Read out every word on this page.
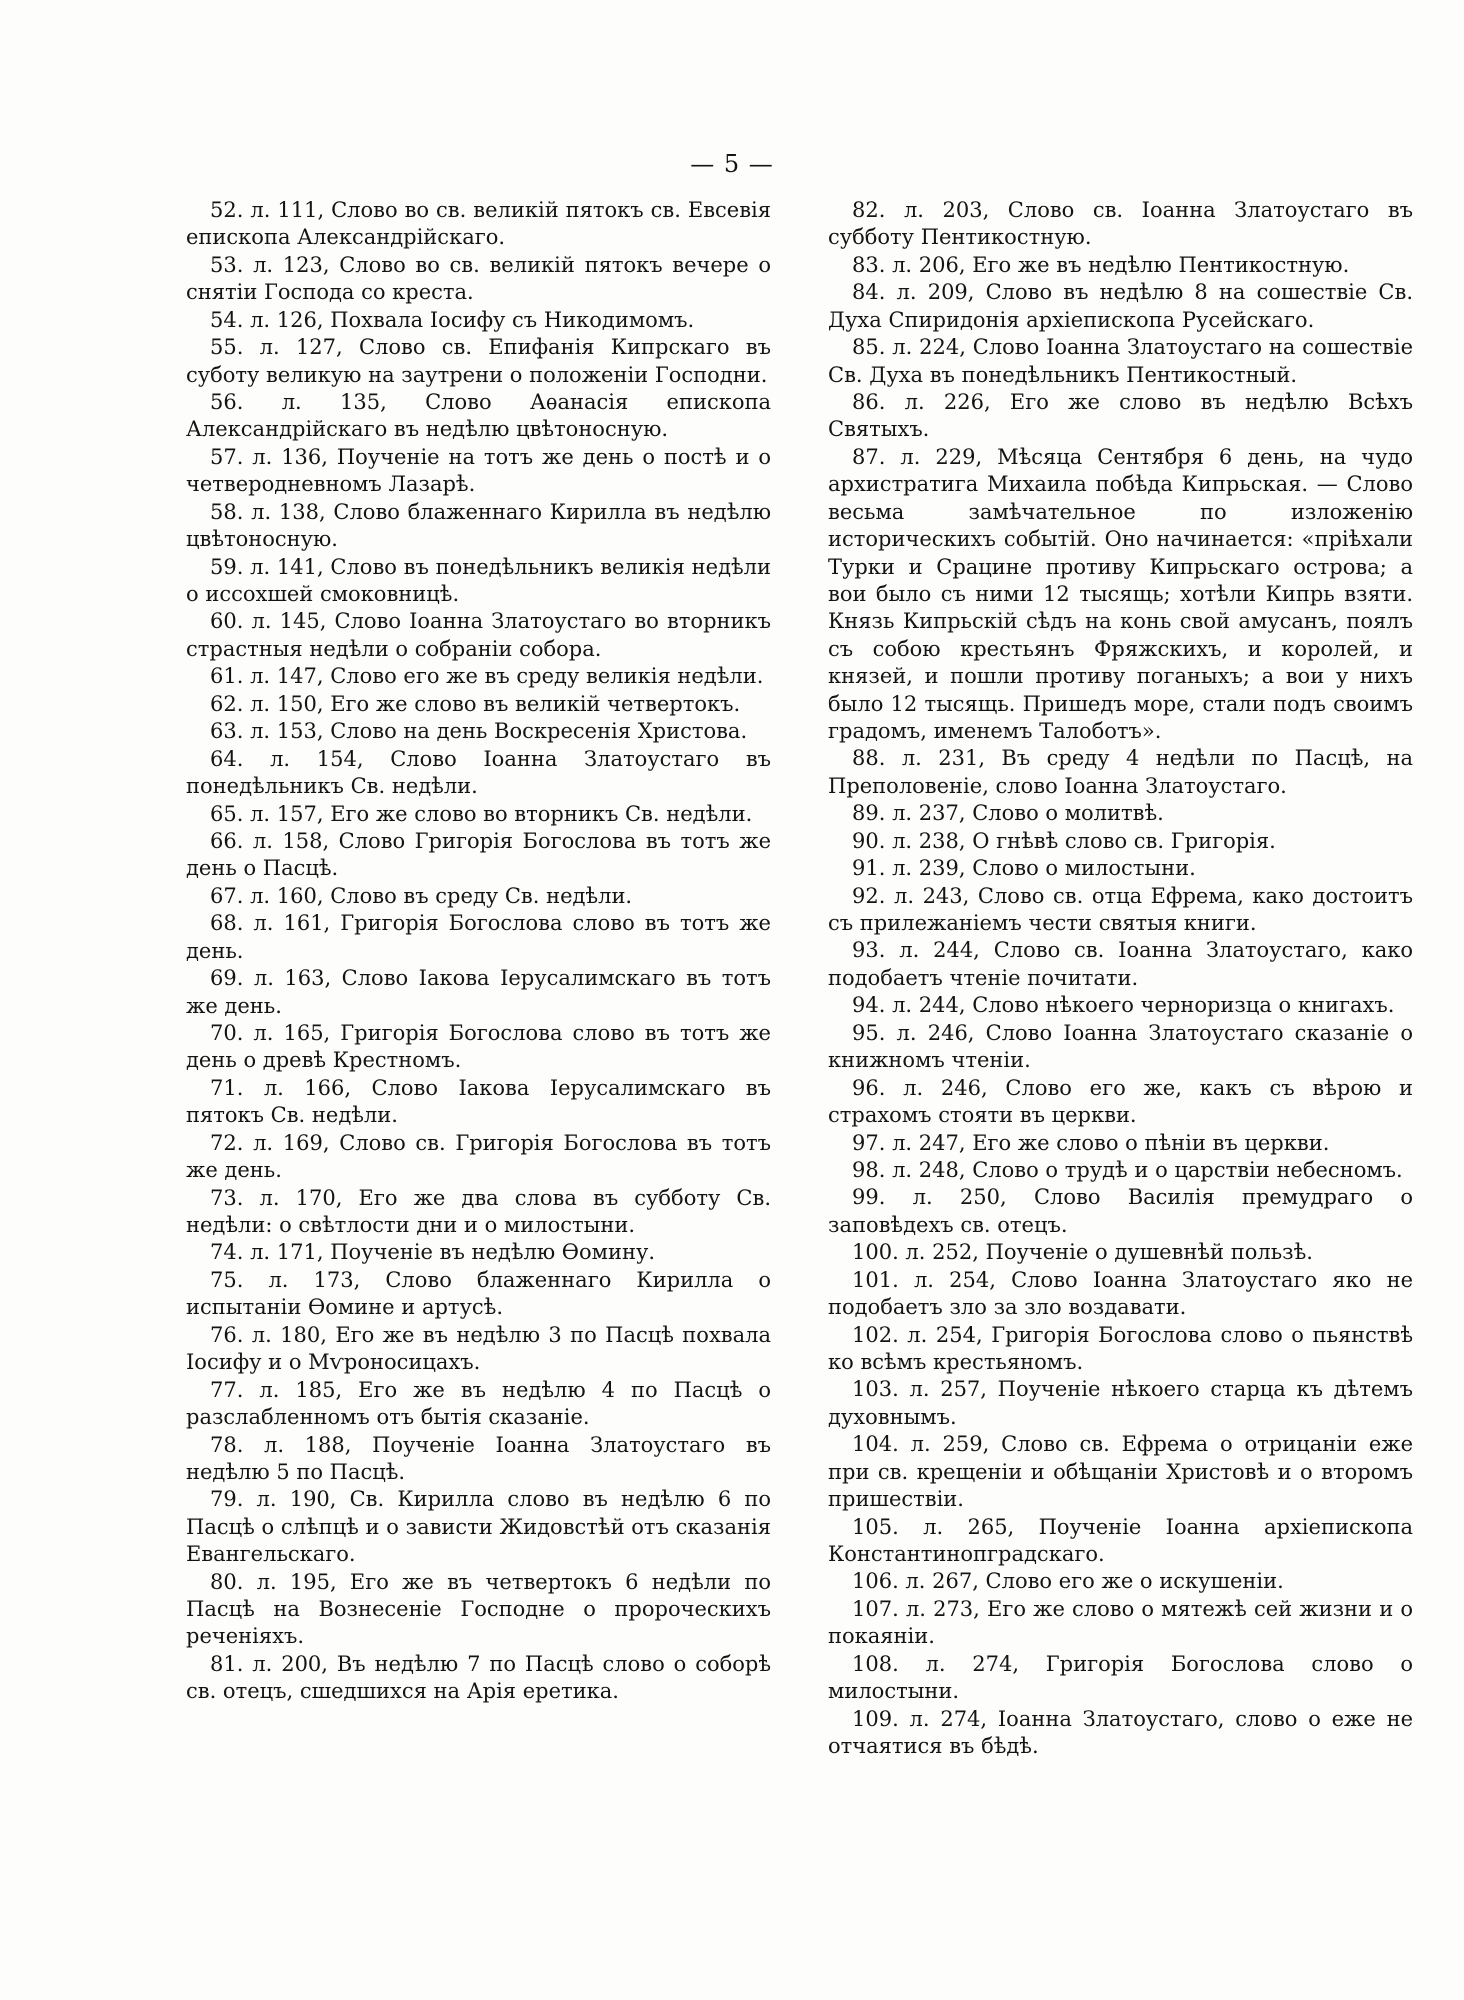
— 5 —

52. л. 111, Слово во св. великій пятокъ св. Евсевія епископа Александрійскаго.

53. л. 123, Слово во св. великій пятокъ вечере о снятіи Господа со креста.

54. л. 126, Похвала Іосифу съ Никодимомъ.

55. л. 127, Слово св. Епифанія Кипрскаго въ суботу великую на заутрени о положеніи Господни.

56. л. 135, Слово Аѳанасія епископа Александрійскаго въ недѣлю цвѣтоносную.

57. л. 136, Поученіе на тотъ же день о постѣ и о четверодневномъ Лазарѣ.

58. л. 138, Слово блаженнаго Кирилла въ недѣлю цвѣтоносную.

59. л. 141, Слово въ понедѣльникъ великія недѣли о иссохшей смоковницѣ.

60. л. 145, Слово Іоанна Златоустаго во вторникъ страстныя недѣли о собраніи собора.

61. л. 147, Слово его же въ среду великія недѣли.

62. л. 150, Его же слово въ великій четвертокъ.

63. л. 153, Слово на день Воскресенія Христова.

64. л. 154, Слово Іоанна Златоустаго въ понедѣльникъ Св. недѣли.

65. л. 157, Его же слово во вторникъ Св. недѣли.

66. л. 158, Слово Григорія Богослова въ тотъ же день о Пасцѣ.

67. л. 160, Слово въ среду Св. недѣли.

68. л. 161, Григорія Богослова слово въ тотъ же день.

69. л. 163, Слово Іакова Іерусалимскаго въ тотъ же день.

70. л. 165, Григорія Богослова слово въ тотъ же день о древѣ Крестномъ.

71. л. 166, Слово Іакова Іерусалимскаго въ пятокъ Св. недѣли.

72. л. 169, Слово св. Григорія Богослова въ тотъ же день.

73. л. 170, Его же два слова въ субботу Св. недѣли: о свѣтлости дни и о милостыни.

74. л. 171, Поученіе въ недѣлю Ѳомину.

75. л. 173, Слово блаженнаго Кирилла о испытаніи Ѳомине и артусѣ.

76. л. 180, Его же въ недѣлю 3 по Пасцѣ похвала Іосифу и о Мѵроносицахъ.

77. л. 185, Его же въ недѣлю 4 по Пасцѣ о разслабленномъ отъ бытія сказаніе.

78. л. 188, Поученіе Іоанна Златоустаго въ недѣлю 5 по Пасцѣ.

79. л. 190, Св. Кирилла слово въ недѣлю 6 по Пасцѣ о слѣпцѣ и о зависти Жидовстѣй отъ сказанія Евангельскаго.

80. л. 195, Его же въ четвертокъ 6 недѣли по Пасцѣ на Вознесеніе Господне о пророческихъ реченіяхъ.

81. л. 200, Въ недѣлю 7 по Пасцѣ слово о соборѣ св. отецъ, сшедшихся на Арія еретика.

82. л. 203, Слово св. Іоанна Златоустаго въ субботу Пентикостную.

83. л. 206, Его же въ недѣлю Пентикостную.

84. л. 209, Слово въ недѣлю 8 на сошествіе Св. Духа Спиридонія архіепископа Русейскаго.

85. л. 224, Слово Іоанна Златоустаго на сошествіе Св. Духа въ понедѣльникъ Пентикостный.

86. л. 226, Его же слово въ недѣлю Всѣхъ Святыхъ.

87. л. 229, Мѣсяца Сентября 6 день, на чудо архистратига Михаила побѣда Кипрьская. — Слово весьма замѣчательное по изложенію историческихъ событій. Оно начинается: «пріѣхали Турки и Срацине противу Кипрьскаго острова; а вои было съ ними 12 тысящь; хотѣли Кипрь взяти. Князь Кипрьскій сѣдъ на конь свой амусанъ, поялъ съ собою крестьянъ Фряжскихъ, и королей, и князей, и пошли противу поганыхъ; а вои у нихъ было 12 тысящь. Пришедъ море, стали подъ своимъ градомъ, именемъ Талоботъ».

88. л. 231, Въ среду 4 недѣли по Пасцѣ, на Преполовеніе, слово Іоанна Златоустаго.

89. л. 237, Слово о молитвѣ.

90. л. 238, О гнѣвѣ слово св. Григорія.

91. л. 239, Слово о милостыни.

92. л. 243, Слово св. отца Ефрема, како достоитъ съ прилежаніемъ чести святыя книги.

93. л. 244, Слово св. Іоанна Златоустаго, како подобаетъ чтеніе почитати.

94. л. 244, Слово нѣкоего черноризца о книгахъ.

95. л. 246, Слово Іоанна Златоустаго сказаніе о книжномъ чтеніи.

96. л. 246, Слово его же, какъ съ вѣрою и страхомъ стояти въ церкви.

97. л. 247, Его же слово о пѣніи въ церкви.

98. л. 248, Слово о трудѣ и о царствіи небесномъ.

99. л. 250, Слово Василія премудраго о заповѣдехъ св. отецъ.

100. л. 252, Поученіе о душевнѣй пользѣ.

101. л. 254, Слово Іоанна Златоустаго яко не подобаетъ зло за зло воздавати.

102. л. 254, Григорія Богослова слово о пьянствѣ ко всѣмъ крестьяномъ.

103. л. 257, Поученіе нѣкоего старца къ дѣтемъ духовнымъ.

104. л. 259, Слово св. Ефрема о отрицаніи еже при св. крещеніи и обѣщаніи Христовѣ и о второмъ пришествіи.

105. л. 265, Поученіе Іоанна архіепископа Константинопградскаго.

106. л. 267, Слово его же о искушеніи.

107. л. 273, Его же слово о мятежѣ сей жизни и о покаяніи.

108. л. 274, Григорія Богослова слово о милостыни.

109. л. 274, Іоанна Златоустаго, слово о еже не отчаятися въ бѣдѣ.
